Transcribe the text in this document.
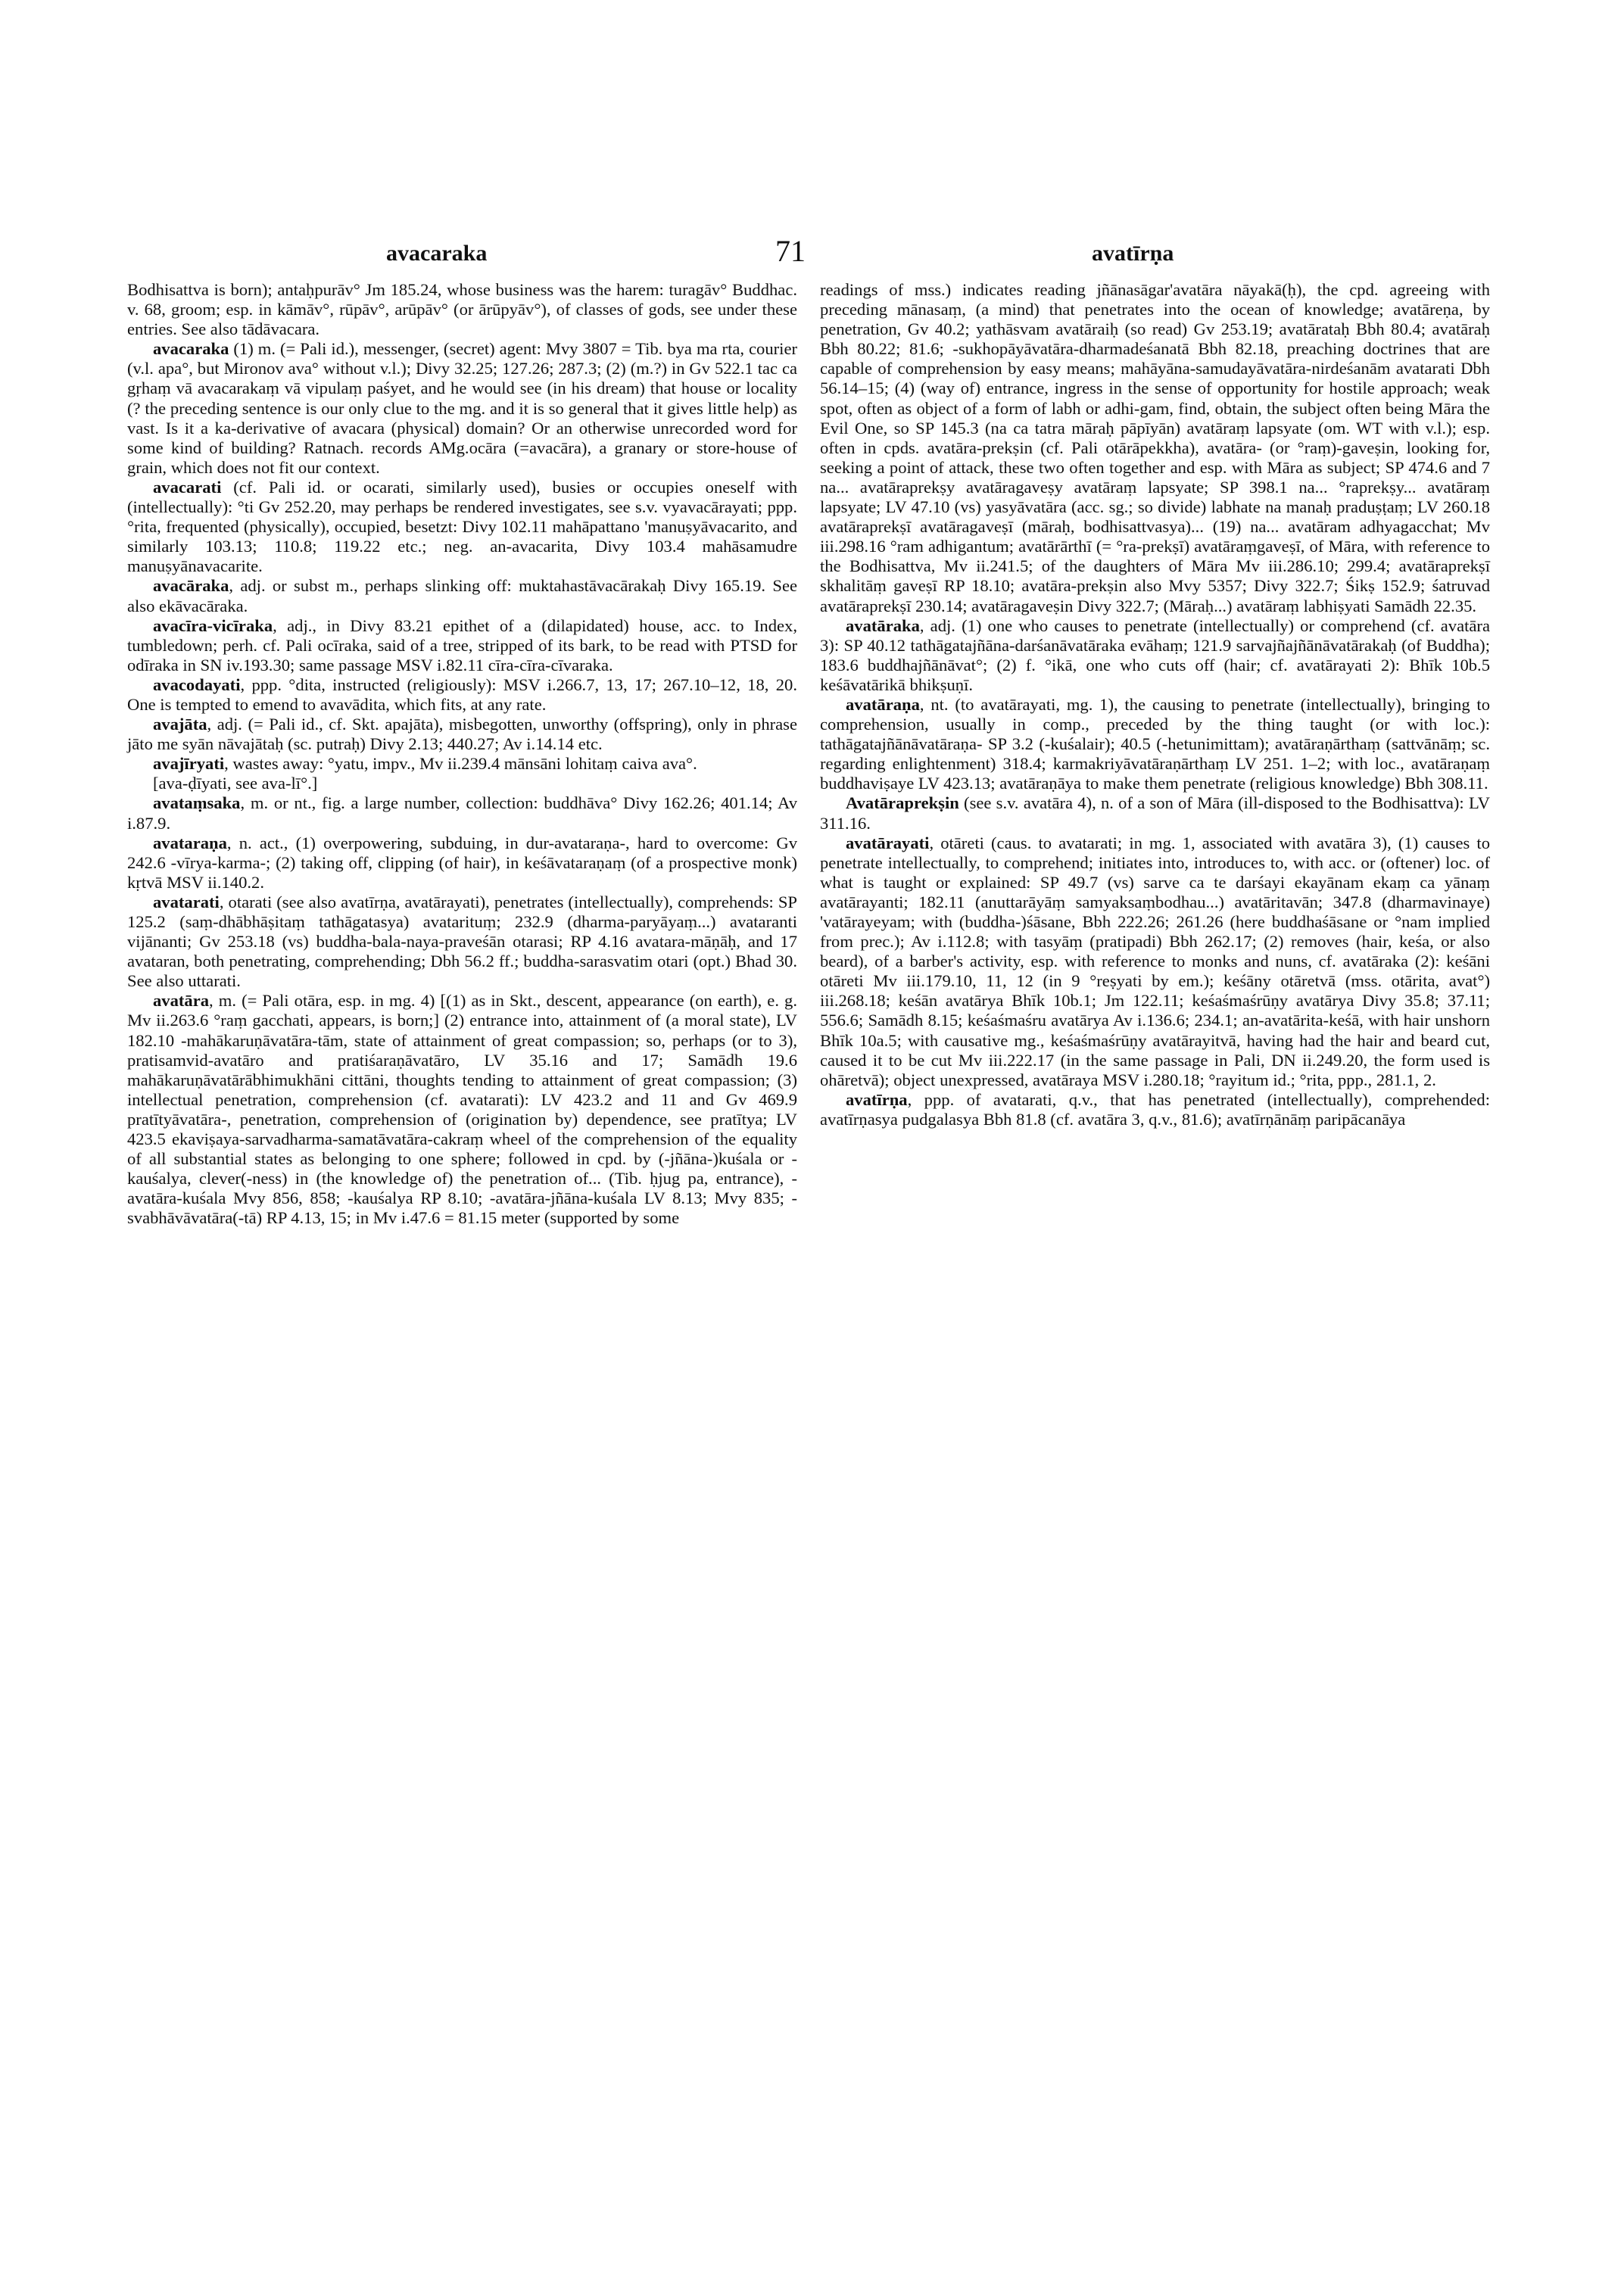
avacaraka	71	avatīrṇa

Bodhisattva is born); antaḥpurāv° Jm 185.24, whose business was the harem: turagāv° Buddhac. v. 68, groom; esp. in kāmāv°, rūpāv°, arūpāv° (or ārūpyāv°), of classes of gods, see under these entries. See also tādāvacara.

avacaraka (1) m. (= Pali id.), messenger, (secret) agent: Mvy 3807 = Tib. bya ma rta, courier (v.l. apa°, but Mironov ava° without v.l.); Divy 32.25; 127.26; 287.3; (2) (m.?) in Gv 522.1 tac ca gṛhaṃ vā avacarakaṃ vā vipulaṃ paśyet, and he would see (in his dream) that house or locality (? the preceding sentence is our only clue to the mg. and it is so general that it gives little help) as vast. Is it a ka-derivative of avacara (physical) domain? Or an otherwise unrecorded word for some kind of building? Ratnach. records AMg.ocāra (=avacāra), a granary or store-house of grain, which does not fit our context.

avacarati (cf. Pali id. or ocarati, similarly used), busies or occupies oneself with (intellectually): °ti Gv 252.20, may perhaps be rendered investigates, see s.v. vyavacārayati; ppp. °rita, frequented (physically), occupied, besetzt: Divy 102.11 mahāpattano 'manuṣyāvacarito, and similarly 103.13; 110.8; 119.22 etc.; neg. an-avacarita, Divy 103.4 mahāsamudre manuṣyānavacarite.

avacāraka, adj. or subst m., perhaps slinking off: muktahastāvacārakaḥ Divy 165.19. See also ekāvacāraka.

avacīra-vicīraka, adj., in Divy 83.21 epithet of a (dilapidated) house, acc. to Index, tumbledown; perh. cf. Pali ocīraka, said of a tree, stripped of its bark, to be read with PTSD for odīraka in SN iv.193.30; same passage MSV i.82.11 cīra-cīra-cīvaraka.

avacodayati, ppp. °dita, instructed (religiously): MSV i.266.7, 13, 17; 267.10–12, 18, 20. One is tempted to emend to avavādita, which fits, at any rate.

avajāta, adj. (= Pali id., cf. Skt. apajāta), misbegotten, unworthy (offspring), only in phrase jāto me syān nāvajātaḥ (sc. putraḥ) Divy 2.13; 440.27; Av i.14.14 etc.

avajīryati, wastes away: °yatu, impv., Mv ii.239.4 mānsāni lohitaṃ caiva ava°.

[ava-ḍīyati, see ava-lī°.]

avataṃsaka, m. or nt., fig. a large number, collection: buddhāva° Divy 162.26; 401.14; Av i.87.9.

avataraṇa, n. act., (1) overpowering, subduing, in dur-avataraṇa-, hard to overcome: Gv 242.6 -vīrya-karma-; (2) taking off, clipping (of hair), in keśāvataraṇaṃ (of a prospective monk) kṛtvā MSV ii.140.2.

avatarati, otarati (see also avatīrṇa, avatārayati), penetrates (intellectually), comprehends: SP 125.2 (saṃ-dhābhāṣitaṃ tathāgatasya) avatarituṃ; 232.9 (dharma-paryāyaṃ...) avataranti vijānanti; Gv 253.18 (vs) buddha-bala-naya-praveśān otarasi; RP 4.16 avatara-māṇāḥ, and 17 avataran, both penetrating, comprehending; Dbh 56.2 ff.; buddha-sarasvatim otari (opt.) Bhad 30. See also uttarati.

avatāra, m. (= Pali otāra, esp. in mg. 4) [(1) as in Skt., descent, appearance (on earth), e. g. Mv ii.263.6 °raṃ gacchati, appears, is born;] (2) entrance into, attainment of (a moral state), LV 182.10 -mahākaruṇāvatāra-tām, state of attainment of great compassion; so, perhaps (or to 3), pratisamvid-avatāro and pratiśaraṇāvatāro, LV 35.16 and 17; Samādh 19.6 mahākaruṇāvatārābhimukhāni cittāni, thoughts tending to attainment of great compassion; (3) intellectual penetration, comprehension (cf. avatarati): LV 423.2 and 11 and Gv 469.9 pratītyāvatāra-, penetration, comprehension of (origination by) dependence, see pratītya; LV 423.5 ekaviṣaya-sarvadharma-samatāvatāra-cakraṃ wheel of the comprehension of the equality of all substantial states as belonging to one sphere; followed in cpd. by (-jñāna-)kuśala or -kauśalya, clever(-ness) in (the knowledge of) the penetration of... (Tib. ḥjug pa, entrance), -avatāra-kuśala Mvy 856, 858; -kauśalya RP 8.10; -avatāra-jñāna-kuśala LV 8.13; Mvy 835; -svabhāvāvatāra(-tā) RP 4.13, 15; in Mv i.47.6 = 81.15 meter (supported by some

readings of mss.) indicates reading jñānasāgar'avatāra nāyakā(ḥ), the cpd. agreeing with preceding mānasaṃ, (a mind) that penetrates into the ocean of knowledge; avatāreṇa, by penetration, Gv 40.2; yathāsvam avatāraiḥ (so read) Gv 253.19; avatārataḥ Bbh 80.4; avatāraḥ Bbh 80.22; 81.6; -sukhopāyāvatāra-dharmadeśanatā Bbh 82.18, preaching doctrines that are capable of comprehension by easy means; mahāyāna-samudayāvatāra-nirdeśanām avatarati Dbh 56.14–15; (4) (way of) entrance, ingress in the sense of opportunity for hostile approach; weak spot, often as object of a form of labh or adhi-gam, find, obtain, the subject often being Māra the Evil One, so SP 145.3 (na ca tatra māraḥ pāpīyān) avatāraṃ lapsyate (om. WT with v.l.); esp. often in cpds. avatāra-prekṣin (cf. Pali otārāpekkha), avatāra- (or °raṃ)-gaveṣin, looking for, seeking a point of attack, these two often together and esp. with Māra as subject; SP 474.6 and 7 na... avatāraprekṣy avatāragaveṣy avatāraṃ lapsyate; SP 398.1 na... °raprekṣy... avatāraṃ lapsyate; LV 47.10 (vs) yasyāvatāra (acc. sg.; so divide) labhate na manaḥ praduṣṭaṃ; LV 260.18 avatāraprekṣī avatāragaveṣī (māraḥ, bodhisattvasya)... (19) na... avatāram adhyagacchat; Mv iii.298.16 °ram adhigantum; avatārārthī (= °ra-prekṣī) avatāraṃgaveṣī, of Māra, with reference to the Bodhisattva, Mv ii.241.5; of the daughters of Māra Mv iii.286.10; 299.4; avatāraprekṣī skhalitāṃ gaveṣī RP 18.10; avatāra-prekṣin also Mvy 5357; Divy 322.7; Śikṣ 152.9; śatruvad avatāraprekṣī 230.14; avatāragaveṣin Divy 322.7; (Māraḥ...) avatāraṃ labhiṣyati Samādh 22.35.

avatāraka, adj. (1) one who causes to penetrate (intellectually) or comprehend (cf. avatāra 3): SP 40.12 tathāgatajñāna-darśanāvatāraka evāhaṃ; 121.9 sarvajñajñānāvatārakaḥ (of Buddha); 183.6 buddhajñānāvat°; (2) f. °ikā, one who cuts off (hair; cf. avatārayati 2): Bhīk 10b.5 keśāvatārikā bhikṣuṇī.

avatāraṇa, nt. (to avatārayati, mg. 1), the causing to penetrate (intellectually), bringing to comprehension, usually in comp., preceded by the thing taught (or with loc.): tathāgatajñānāvatāraṇa- SP 3.2 (-kuśalair); 40.5 (-hetunimittam); avatāraṇārthaṃ (sattvānāṃ; sc. regarding enlightenment) 318.4; karmakriyāvatāraṇārthaṃ LV 251. 1–2; with loc., avatāraṇaṃ buddhaviṣaye LV 423.13; avatāraṇāya to make them penetrate (religious knowledge) Bbh 308.11.

Avatāraprekṣin (see s.v. avatāra 4), n. of a son of Māra (ill-disposed to the Bodhisattva): LV 311.16.

avatārayati, otāreti (caus. to avatarati; in mg. 1, associated with avatāra 3), (1) causes to penetrate intellectually, to comprehend; initiates into, introduces to, with acc. or (oftener) loc. of what is taught or explained: SP 49.7 (vs) sarve ca te darśayi ekayānam ekaṃ ca yānaṃ avatārayanti; 182.11 (anuttarāyāṃ samyaksaṃbodhau...) avatāritavān; 347.8 (dharmavinaye) 'vatārayeyam; with (buddha-)śāsane, Bbh 222.26; 261.26 (here buddhaśāsane or °nam implied from prec.); Av i.112.8; with tasyāṃ (pratipadi) Bbh 262.17; (2) removes (hair, keśa, or also beard), of a barber's activity, esp. with reference to monks and nuns, cf. avatāraka (2): keśāni otāreti Mv iii.179.10, 11, 12 (in 9 °reṣyati by em.); keśāny otāretvā (mss. otārita, avat°) iii.268.18; keśān avatārya Bhīk 10b.1; Jm 122.11; keśaśmaśrūṇy avatārya Divy 35.8; 37.11; 556.6; Samādh 8.15; keśaśmaśru avatārya Av i.136.6; 234.1; an-avatārita-keśā, with hair unshorn Bhīk 10a.5; with causative mg., keśaśmaśrūṇy avatārayitvā, having had the hair and beard cut, caused it to be cut Mv iii.222.17 (in the same passage in Pali, DN ii.249.20, the form used is ohāretvā); object unexpressed, avatāraya MSV i.280.18; °rayitum id.; °rita, ppp., 281.1, 2.

avatīrṇa, ppp. of avatarati, q.v., that has penetrated (intellectually), comprehended: avatīrṇasya pudgalasya Bbh 81.8 (cf. avatāra 3, q.v., 81.6); avatīrṇānāṃ paripācanāya
